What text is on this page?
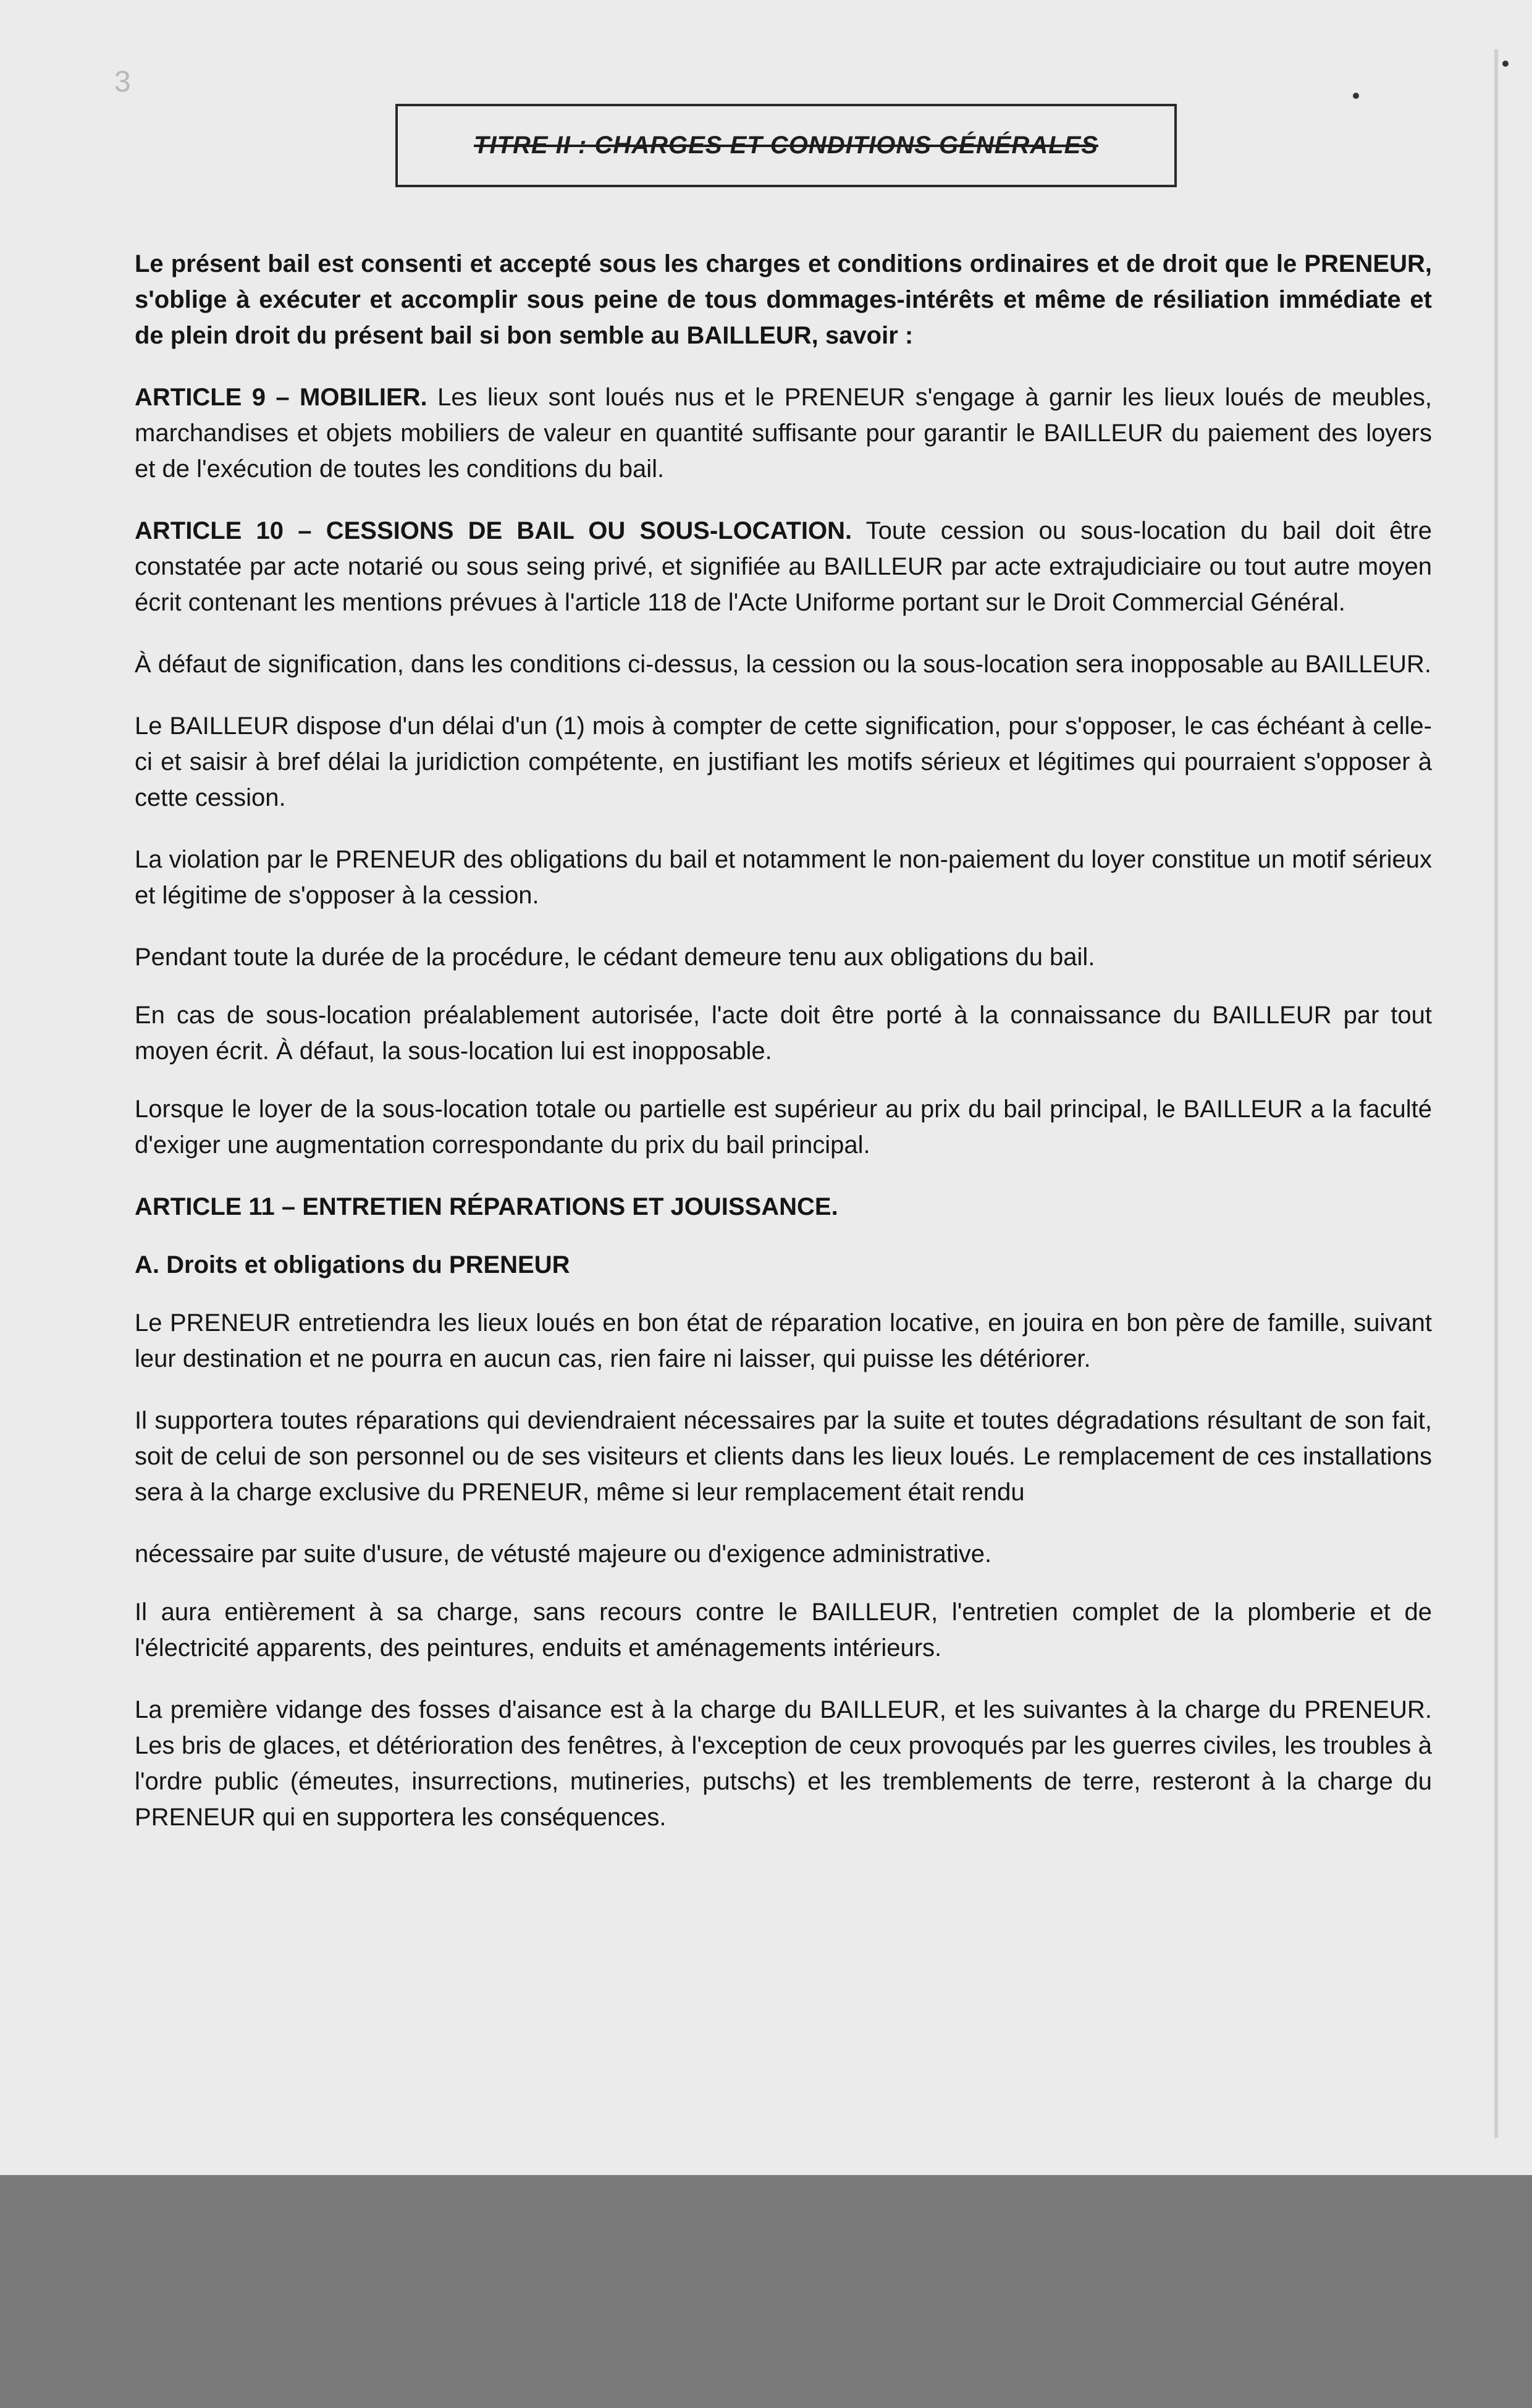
3
TITRE II : CHARGES ET CONDITIONS GÉNÉRALES

Le présent bail est consenti et accepté sous les charges et conditions ordinaires et de droit que le PRENEUR, s'oblige à exécuter et accomplir sous peine de tous dommages-intérêts et même de résiliation immédiate et de plein droit du présent bail si bon semble au BAILLEUR, savoir :

ARTICLE 9 – MOBILIER. Les lieux sont loués nus et le PRENEUR s'engage à garnir les lieux loués de meubles, marchandises et objets mobiliers de valeur en quantité suffisante pour garantir le BAILLEUR du paiement des loyers et de l'exécution de toutes les conditions du bail.

ARTICLE 10 – CESSIONS DE BAIL OU SOUS-LOCATION. Toute cession ou sous-location du bail doit être constatée par acte notarié ou sous seing privé, et signifiée au BAILLEUR par acte extrajudiciaire ou tout autre moyen écrit contenant les mentions prévues à l'article 118 de l'Acte Uniforme portant sur le Droit Commercial Général.

À défaut de signification, dans les conditions ci-dessus, la cession ou la sous-location sera inopposable au BAILLEUR.

Le BAILLEUR dispose d'un délai d'un (1) mois à compter de cette signification, pour s'opposer, le cas échéant à celle-ci et saisir à bref délai la juridiction compétente, en justifiant les motifs sérieux et légitimes qui pourraient s'opposer à cette cession.

La violation par le PRENEUR des obligations du bail et notamment le non-paiement du loyer constitue un motif sérieux et légitime de s'opposer à la cession.

Pendant toute la durée de la procédure, le cédant demeure tenu aux obligations du bail.

En cas de sous-location préalablement autorisée, l'acte doit être porté à la connaissance du BAILLEUR par tout moyen écrit. À défaut, la sous-location lui est inopposable.

Lorsque le loyer de la sous-location totale ou partielle est supérieur au prix du bail principal, le BAILLEUR a la faculté d'exiger une augmentation correspondante du prix du bail principal.

ARTICLE 11 – ENTRETIEN RÉPARATIONS ET JOUISSANCE.

A. Droits et obligations du PRENEUR

Le PRENEUR entretiendra les lieux loués en bon état de réparation locative, en jouira en bon père de famille, suivant leur destination et ne pourra en aucun cas, rien faire ni laisser, qui puisse les détériorer.

Il supportera toutes réparations qui deviendraient nécessaires par la suite et toutes dégradations résultant de son fait, soit de celui de son personnel ou de ses visiteurs et clients dans les lieux loués. Le remplacement de ces installations sera à la charge exclusive du PRENEUR, même si leur remplacement était rendu

nécessaire par suite d'usure, de vétusté majeure ou d'exigence administrative.

Il aura entièrement à sa charge, sans recours contre le BAILLEUR, l'entretien complet de la plomberie et de l'électricité apparents, des peintures, enduits et aménagements intérieurs.

La première vidange des fosses d'aisance est à la charge du BAILLEUR, et les suivantes à la charge du PRENEUR. Les bris de glaces, et détérioration des fenêtres, à l'exception de ceux provoqués par les guerres civiles, les troubles à l'ordre public (émeutes, insurrections, mutineries, putschs) et les tremblements de terre, resteront à la charge du PRENEUR qui en supportera les conséquences.
